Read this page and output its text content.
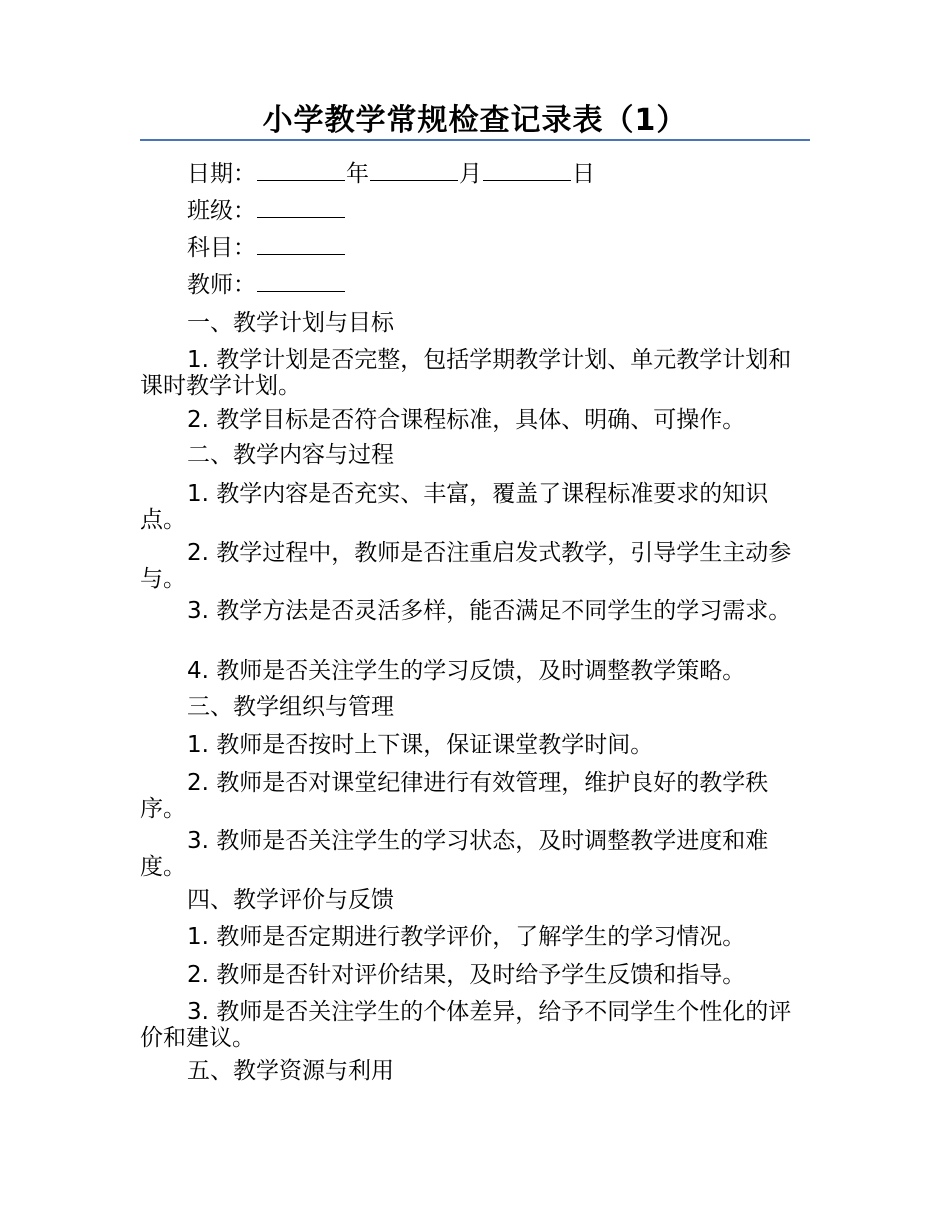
小学教学常规检查记录表（1）
日期：	年	月	日
班级：
科目：
教师：
一、教学计划与目标
1. 教学计划是否完整，包括学期教学计划、单元教学计划和课时教学计划。
2. 教学目标是否符合课程标准，具体、明确、可操作。
二、教学内容与过程
1. 教学内容是否充实、丰富，覆盖了课程标准要求的知识点。
2. 教学过程中，教师是否注重启发式教学，引导学生主动参与。
3. 教学方法是否灵活多样，能否满足不同学生的学习需求。
4. 教师是否关注学生的学习反馈，及时调整教学策略。
三、教学组织与管理
1. 教师是否按时上下课，保证课堂教学时间。
2. 教师是否对课堂纪律进行有效管理，维护良好的教学秩序。
3. 教师是否关注学生的学习状态，及时调整教学进度和难度。
四、教学评价与反馈
1. 教师是否定期进行教学评价，了解学生的学习情况。
2. 教师是否针对评价结果，及时给予学生反馈和指导。
3. 教师是否关注学生的个体差异，给予不同学生个性化的评价和建议。
五、教学资源与利用
